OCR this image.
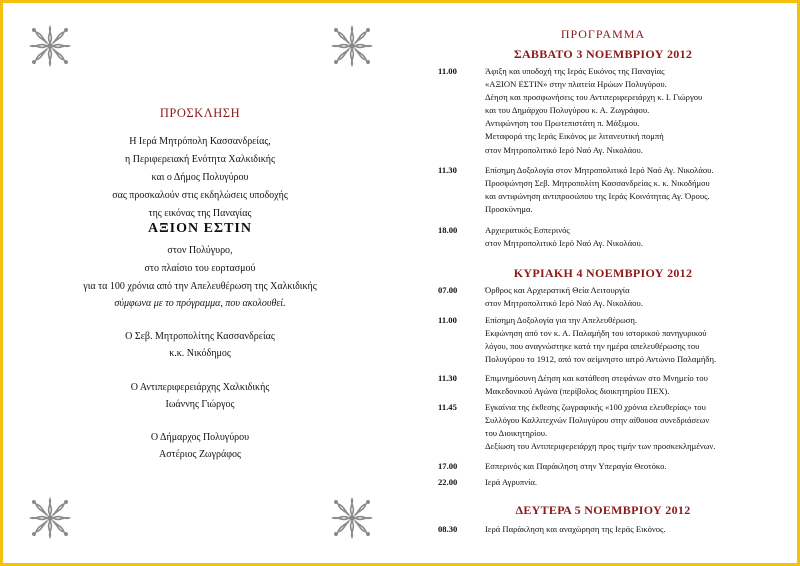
ΠΡΟΣΚΛΗΣΗ
Η Ιερά Μητρόπολη Κασσανδρείας,
η Περιφερειακή Ενότητα Χαλκιδικής
και ο Δήμος Πολυγύρου
σας προσκαλούν στις εκδηλώσεις υποδοχής
της εικόνας της Παναγίας
ΑΞΙΟΝ ΕΣΤΙΝ
στον Πολύγυρο,
στο πλαίσιο του εορτασμού
για τα 100 χρόνια από την Απελευθέρωση της Χαλκιδικής
σύμφωνα με το πρόγραμμα, που ακολουθεί.
Ο Σεβ. Μητροπολίτης Κασσανδρείας
κ.κ. Νικόδημος
Ο Αντιπεριφερειάρχης Χαλκιδικής
Ιωάννης Γιώργος
Ο Δήμαρχος Πολυγύρου
Αστέριος Ζωγράφος
ΠΡΟΓΡΑΜΜΑ
ΣΑΒΒΑΤΟ 3 ΝΟΕΜΒΡΙΟΥ 2012
11.00	Άφιξη και υποδοχή της Ιεράς Εικόνος της Παναγίας
«ΑΞΙΟΝ ΕΣΤΙΝ» στην πλατεία Ηρώων Πολυγύρου.
Δέηση και προσφωνήσεις του Αντιπεριφερειάρχη κ. Ι. Γιώργου
και του Δημάρχου Πολυγύρου κ. Α. Ζωγράφου.
Αντιφώνηση του Πρωτεπιστάτη π. Μάξιμου.
Μεταφορά της Ιεράς Εικόνος με λιτανευτική πομπή
στον Μητροπολιτικό Ιερό Ναό Αγ. Νικολάου.
11.30	Επίσημη Δοξολογία στον Μητροπολιτικό Ιερό Ναό Αγ. Νικολάου.
Προσφώνηση Σεβ. Μητροπολίτη Κασσανδρείας κ. κ. Νικοδήμου
και αντιφώνηση αντιπροσώπου της Ιεράς Κοινότητας Αγ. Όρους.
Προσκύνημα.
18.00	Αρχιερατικός Εσπερινός
στον Μητροπολιτικό Ιερό Ναό Αγ. Νικολάου.
ΚΥΡΙΑΚΗ 4 ΝΟΕΜΒΡΙΟΥ 2012
07.00	Όρθρος και Αρχιερατική Θεία Λειτουργία
στον Μητροπολιτικό Ιερό Ναό Αγ. Νικολάου.
11.00	Επίσημη Δοξολογία για την Απελευθέρωση.
Εκφώνηση από τον κ. Α. Παλαμήδη του ιστορικού πανηγυρικού
λόγου, που αναγνώστηκε κατά την ημέρα απελευθέρωσης του
Πολυγύρου το 1912, από τον αείμνηστο ιατρό Αντώνιο Παλαμήδη.
11.30	Επιμνημόσυνη Δέηση και κατάθεση στεφάνων στο Μνημείο του
Μακεδονικού Αγώνα (περίβολος διοικητηρίου ΠΕΧ).
11.45	Εγκαίνια της έκθεσης ζωγραφικής «100 χρόνια ελευθερίας» του
Συλλόγου Καλλιτεχνών Πολυγύρου στην αίθουσα συνεδριάσεων
του Διοικητηρίου.
Δεξίωση του Αντιπεριφερειάρχη προς τιμήν των προσκεκλημένων.
17.00	Εσπερινός και Παράκληση στην Υπεραγία Θεοτόκο.
22.00	Ιερά Αγρυπνία.
ΔΕΥΤΕΡΑ 5 ΝΟΕΜΒΡΙΟΥ 2012
08.30	Ιερά Παράκληση και αναχώρηση της Ιεράς Εικόνος.
